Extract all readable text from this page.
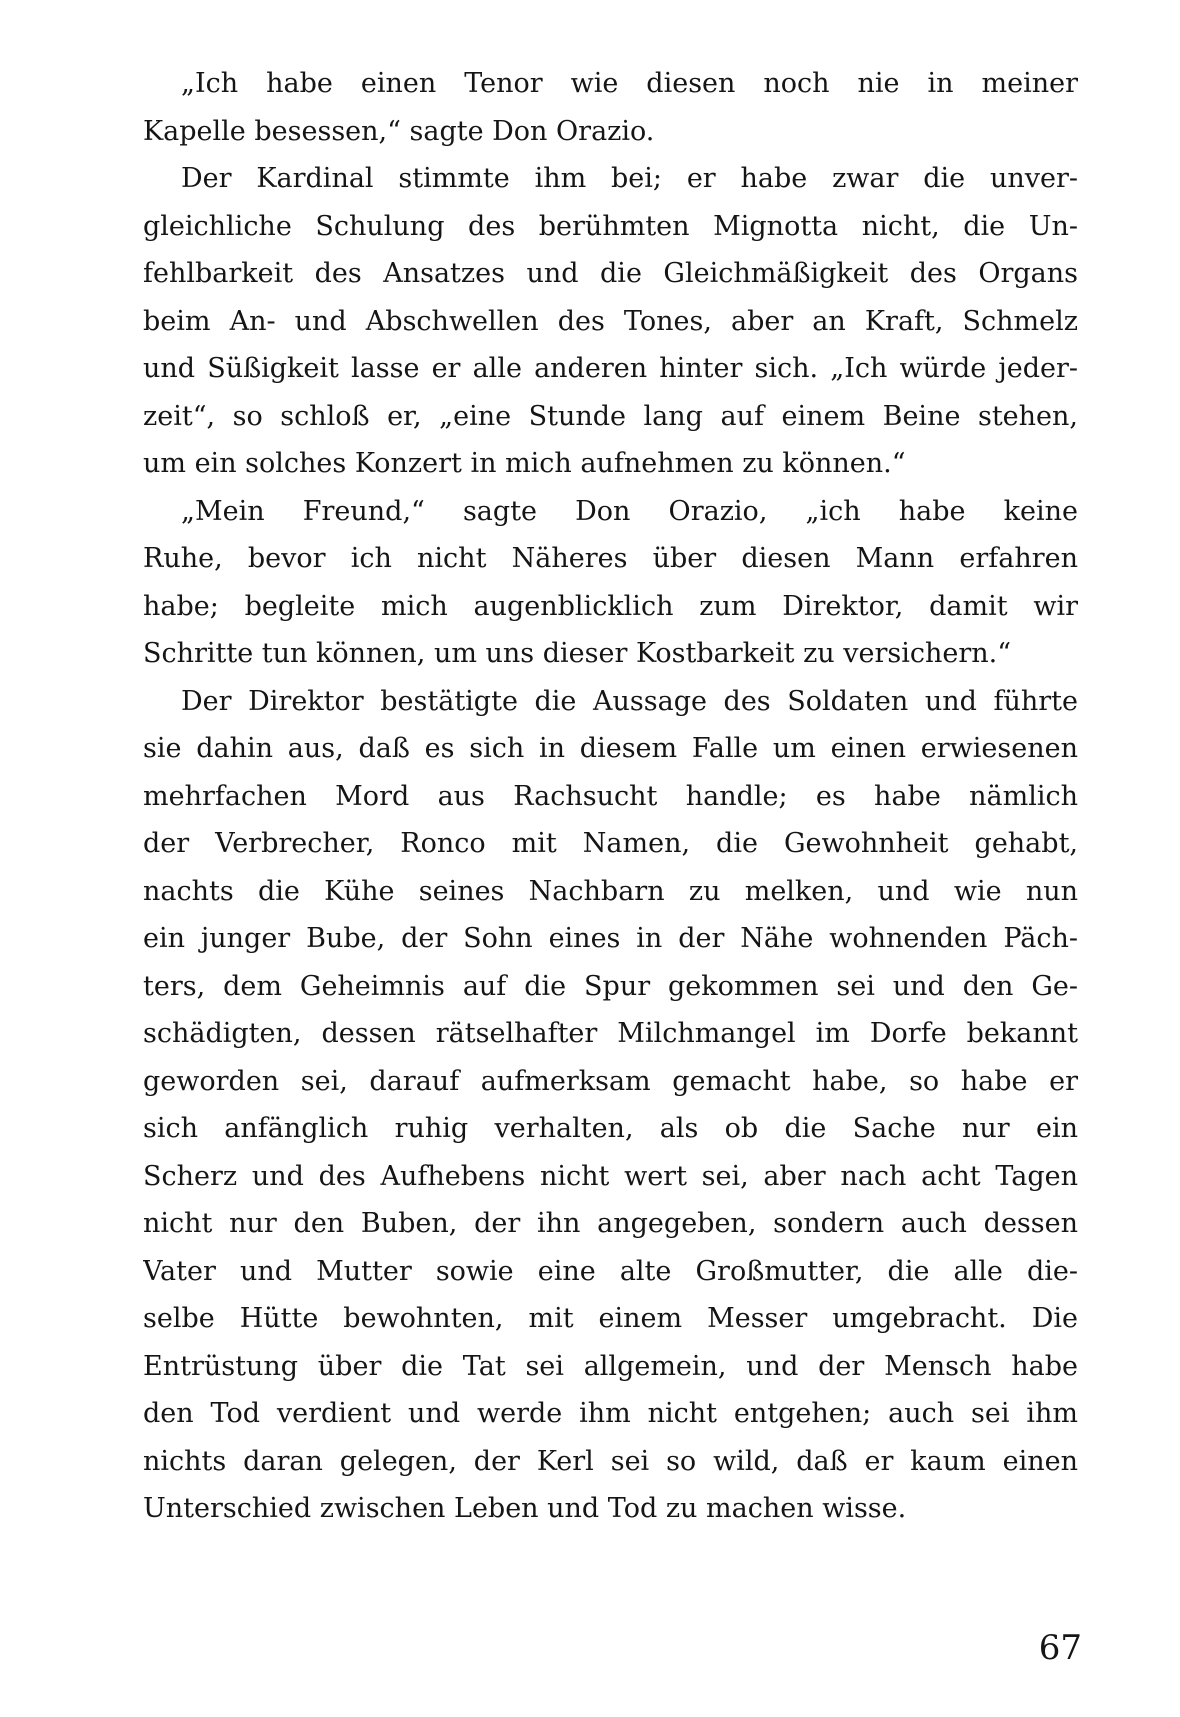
„Ich habe einen Tenor wie diesen noch nie in meiner
Kapelle besessen,“ sagte Don Orazio.
Der Kardinal stimmte ihm bei; er habe zwar die unver-
gleichliche Schulung des berühmten Mignotta nicht, die Un-
fehlbarkeit des Ansatzes und die Gleichmäßigkeit des Organs
beim An- und Abschwellen des Tones, aber an Kraft, Schmelz
und Süßigkeit lasse er alle anderen hinter sich. „Ich würde jeder-
zeit“, so schloß er, „eine Stunde lang auf einem Beine stehen,
um ein solches Konzert in mich aufnehmen zu können.“
„Mein Freund,“ sagte Don Orazio, „ich habe keine
Ruhe, bevor ich nicht Näheres über diesen Mann erfahren
habe; begleite mich augenblicklich zum Direktor, damit wir
Schritte tun können, um uns dieser Kostbarkeit zu versichern.“
Der Direktor bestätigte die Aussage des Soldaten und führte
sie dahin aus, daß es sich in diesem Falle um einen erwiesenen
mehrfachen Mord aus Rachsucht handle; es habe nämlich
der Verbrecher, Ronco mit Namen, die Gewohnheit gehabt,
nachts die Kühe seines Nachbarn zu melken, und wie nun
ein junger Bube, der Sohn eines in der Nähe wohnenden Päch-
ters, dem Geheimnis auf die Spur gekommen sei und den Ge-
schädigten, dessen rätselhafter Milchmangel im Dorfe bekannt
geworden sei, darauf aufmerksam gemacht habe, so habe er
sich anfänglich ruhig verhalten, als ob die Sache nur ein
Scherz und des Aufhebens nicht wert sei, aber nach acht Tagen
nicht nur den Buben, der ihn angegeben, sondern auch dessen
Vater und Mutter sowie eine alte Großmutter, die alle die-
selbe Hütte bewohnten, mit einem Messer umgebracht. Die
Entrüstung über die Tat sei allgemein, und der Mensch habe
den Tod verdient und werde ihm nicht entgehen; auch sei ihm
nichts daran gelegen, der Kerl sei so wild, daß er kaum einen
Unterschied zwischen Leben und Tod zu machen wisse.
67
